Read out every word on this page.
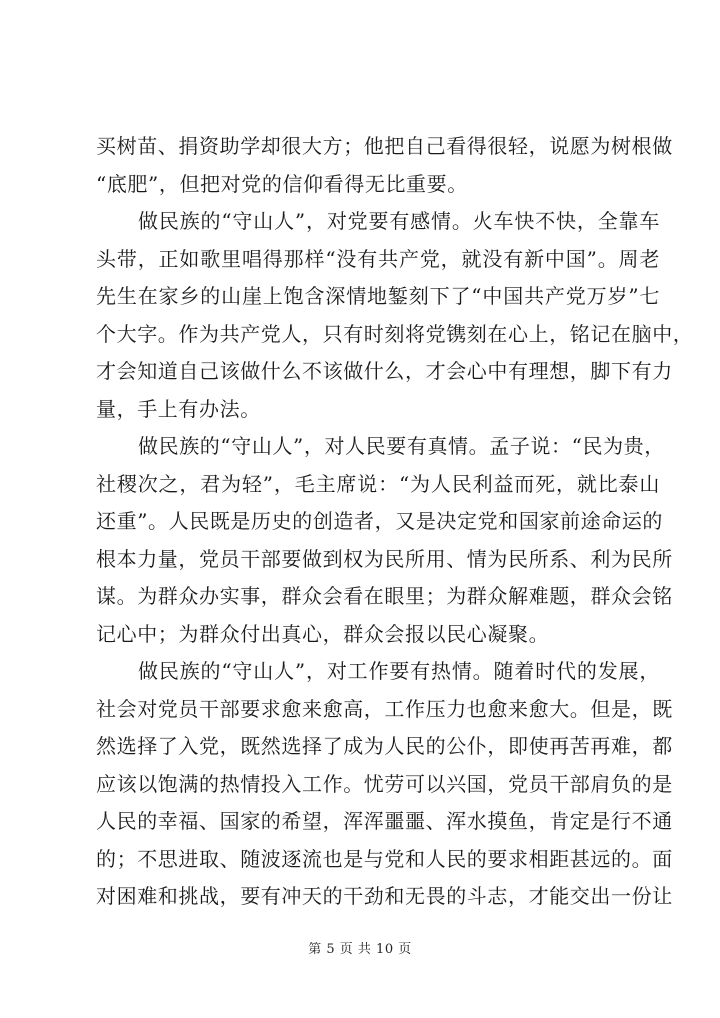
买树苗、捐资助学却很大方；他把自己看得很轻，说愿为树根做
“底肥”，但把对党的信仰看得无比重要。
做民族的“守山人”，对党要有感情。火车快不快，全靠车
头带，正如歌里唱得那样“没有共产党，就没有新中国”。周老
先生在家乡的山崖上饱含深情地錾刻下了“中国共产党万岁”七
个大字。作为共产党人，只有时刻将党镌刻在心上，铭记在脑中，
才会知道自己该做什么不该做什么，才会心中有理想，脚下有力
量，手上有办法。
做民族的“守山人”，对人民要有真情。孟子说：“民为贵，
社稷次之，君为轻”，毛主席说：“为人民利益而死，就比泰山
还重”。人民既是历史的创造者，又是决定党和国家前途命运的
根本力量，党员干部要做到权为民所用、情为民所系、利为民所
谋。为群众办实事，群众会看在眼里；为群众解难题，群众会铭
记心中；为群众付出真心，群众会报以民心凝聚。
做民族的“守山人”，对工作要有热情。随着时代的发展，
社会对党员干部要求愈来愈高，工作压力也愈来愈大。但是，既
然选择了入党，既然选择了成为人民的公仆，即使再苦再难，都
应该以饱满的热情投入工作。忧劳可以兴国，党员干部肩负的是
人民的幸福、国家的希望，浑浑噩噩、浑水摸鱼，肯定是行不通
的；不思进取、随波逐流也是与党和人民的要求相距甚远的。面
对困难和挑战，要有冲天的干劲和无畏的斗志，才能交出一份让
第 5 页 共 10 页
